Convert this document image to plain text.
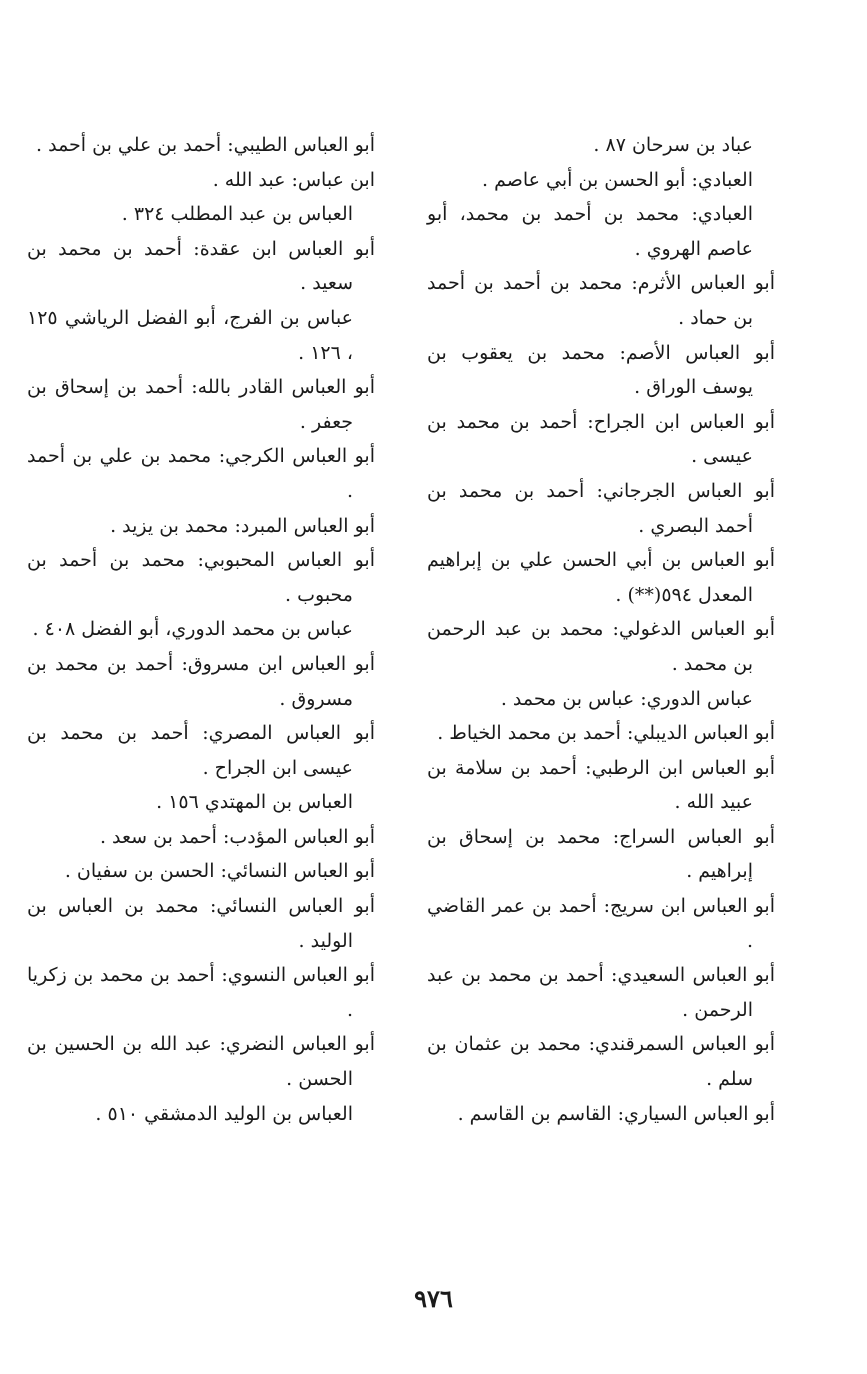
عباد بن سرحان ٨٧ .

العبادي: أبو الحسن بن أبي عاصم .

العبادي: محمد بن أحمد بن محمد، أبو عاصم الهروي .

أبو العباس الأثرم: محمد بن أحمد بن أحمد بن حماد .

أبو العباس الأصم: محمد بن يعقوب بن يوسف الوراق .

أبو العباس ابن الجراح: أحمد بن محمد بن عيسى .

أبو العباس الجرجاني: أحمد بن محمد بن أحمد البصري .

أبو العباس بن أبي الحسن علي بن إبراهيم المعدل ٥٩٤(**) .

أبو العباس الدغولي: محمد بن عبد الرحمن بن محمد .

عباس الدوري: عباس بن محمد .

أبو العباس الديبلي: أحمد بن محمد الخياط .

أبو العباس ابن الرطبي: أحمد بن سلامة بن عبيد الله .

أبو العباس السراج: محمد بن إسحاق بن إبراهيم .

أبو العباس ابن سريج: أحمد بن عمر القاضي .

أبو العباس السعيدي: أحمد بن محمد بن عبد الرحمن .

أبو العباس السمرقندي: محمد بن عثمان بن سلم .

أبو العباس السياري: القاسم بن القاسم .

أبو العباس الطيبي: أحمد بن علي بن أحمد .

ابن عباس: عبد الله .

العباس بن عبد المطلب ٣٢٤ .

أبو العباس ابن عقدة: أحمد بن محمد بن سعيد .

عباس بن الفرج، أبو الفضل الرياشي ١٢٥ ، ١٢٦ .

أبو العباس القادر بالله: أحمد بن إسحاق بن جعفر .

أبو العباس الكرجي: محمد بن علي بن أحمد .

أبو العباس المبرد: محمد بن يزيد .

أبو العباس المحبوبي: محمد بن أحمد بن محبوب .

عباس بن محمد الدوري، أبو الفضل ٤٠٨ .

أبو العباس ابن مسروق: أحمد بن محمد بن مسروق .

أبو العباس المصري: أحمد بن محمد بن عيسى ابن الجراح .

العباس بن المهتدي ١٥٦ .

أبو العباس المؤدب: أحمد بن سعد .

أبو العباس النسائي: الحسن بن سفيان .

أبو العباس النسائي: محمد بن العباس بن الوليد .

أبو العباس النسوي: أحمد بن محمد بن زكريا .

أبو العباس النضري: عبد الله بن الحسين بن الحسن .

العباس بن الوليد الدمشقي ٥١٠ .

٩٧٦
